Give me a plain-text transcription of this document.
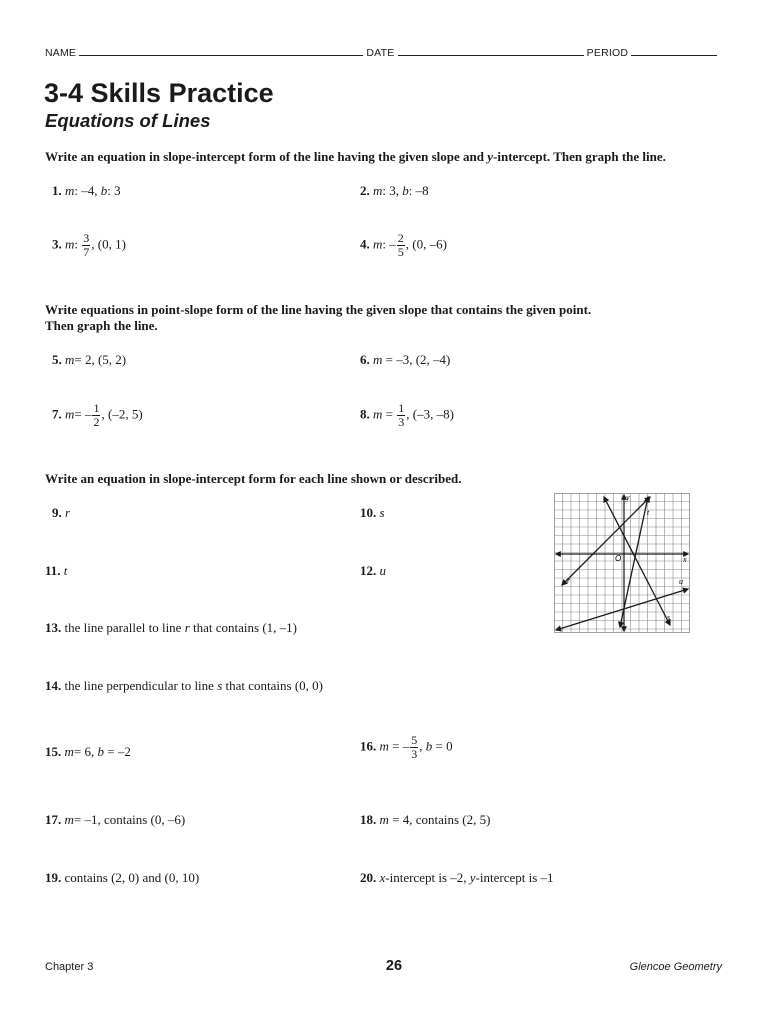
NAME	DATE	PERIOD
3-4 Skills Practice
Equations of Lines
Write an equation in slope-intercept form of the line having the given slope and y-intercept. Then graph the line.
1. m: –4, b: 3	2. m: 3, b: –8
3. m: $\frac{3}{7}$ , (0, 1)	4. m: – $\frac{2}{5}$ , (0, –6)
Write equations in point-slope form of the line having the given slope that contains the given point.
Then graph the line.
5. m= 2, (5, 2)	6. m = –3, (2, –4)
7. $m= - \frac{1}{2}$ , (–2, 5)	8. $m = \frac{1}{3}$ , (–3, –8)
Write an equation in slope-intercept form for each line shown or described.
9. r	10. s
11. t	12. u
13. the line parallel to line r that contains (1, –1)
14. the line perpendicular to line s that contains (0, 0)
15. m= 6, b = –2	16. m = – $\frac{5}{3}$ , b = 0
17. m= –1, contains (0, –6)	18. m = 4, contains (2, 5)
19. contains (2, 0) and (0, 10)	20. x-intercept is –2, y-intercept is –1
x
y
O
r
s
t
u
Chapter 3	26	Glencoe Geometry
